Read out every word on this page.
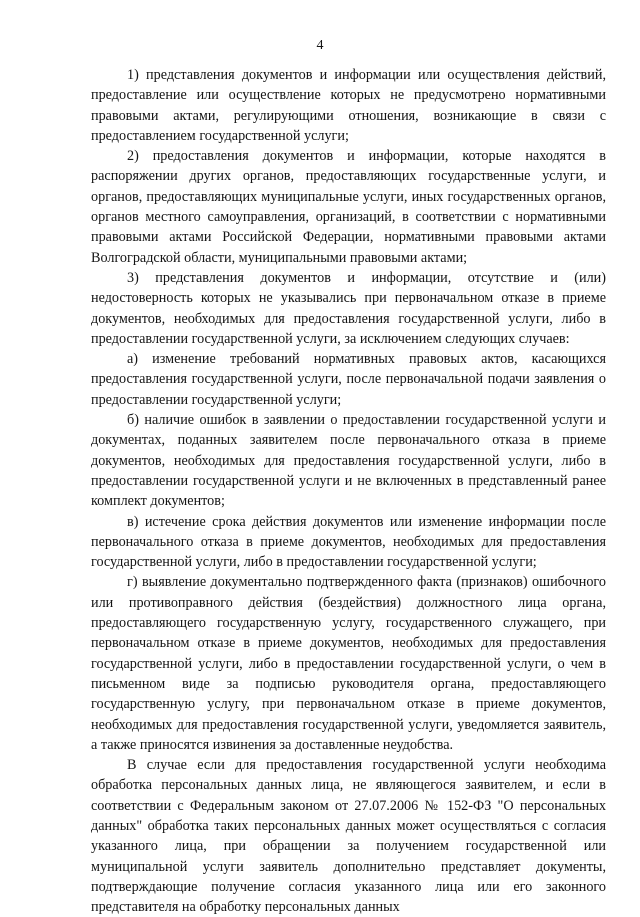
4

1) представления документов и информации или осуществления действий, предоставление или осуществление которых не предусмотрено нормативными правовыми актами, регулирующими отношения, возникающие в связи с предоставлением государственной услуги;

2) предоставления документов и информации, которые находятся в распоряжении других органов, предоставляющих государственные услуги, и органов, предоставляющих муниципальные услуги, иных государственных органов, органов местного самоуправления, организаций, в соответствии с нормативными правовыми актами Российской Федерации, нормативными правовыми актами Волгоградской области, муниципальными правовыми актами;

3) представления документов и информации, отсутствие и (или) недостоверность которых не указывались при первоначальном отказе в приеме документов, необходимых для предоставления государственной услуги, либо в предоставлении государственной услуги, за исключением следующих случаев:

а) изменение требований нормативных правовых актов, касающихся предоставления государственной услуги, после первоначальной подачи заявления о предоставлении государственной услуги;

б) наличие ошибок в заявлении о предоставлении государственной услуги и документах, поданных заявителем после первоначального отказа в приеме документов, необходимых для предоставления государственной услуги, либо в предоставлении государственной услуги и не включенных в представленный ранее комплект документов;

в) истечение срока действия документов или изменение информации после первоначального отказа в приеме документов, необходимых для предоставления государственной услуги, либо в предоставлении государственной услуги;

г) выявление документально подтвержденного факта (признаков) ошибочного или противоправного действия (бездействия) должностного лица органа, предоставляющего государственную услугу, государственного служащего, при первоначальном отказе в приеме документов, необходимых для предоставления государственной услуги, либо в предоставлении государственной услуги, о чем в письменном виде за подписью руководителя органа, предоставляющего государственную услугу, при первоначальном отказе в приеме документов, необходимых для предоставления государственной услуги, уведомляется заявитель, а также приносятся извинения за доставленные неудобства.

В случае если для предоставления государственной услуги необходима обработка персональных данных лица, не являющегося заявителем, и если в соответствии с Федеральным законом от 27.07.2006 № 152-ФЗ "О персональных данных" обработка таких персональных данных может осуществляться с согласия указанного лица, при обращении за получением государственной или муниципальной услуги заявитель дополнительно представляет документы, подтверждающие получение согласия указанного лица или его законного представителя на обработку персональных данных
